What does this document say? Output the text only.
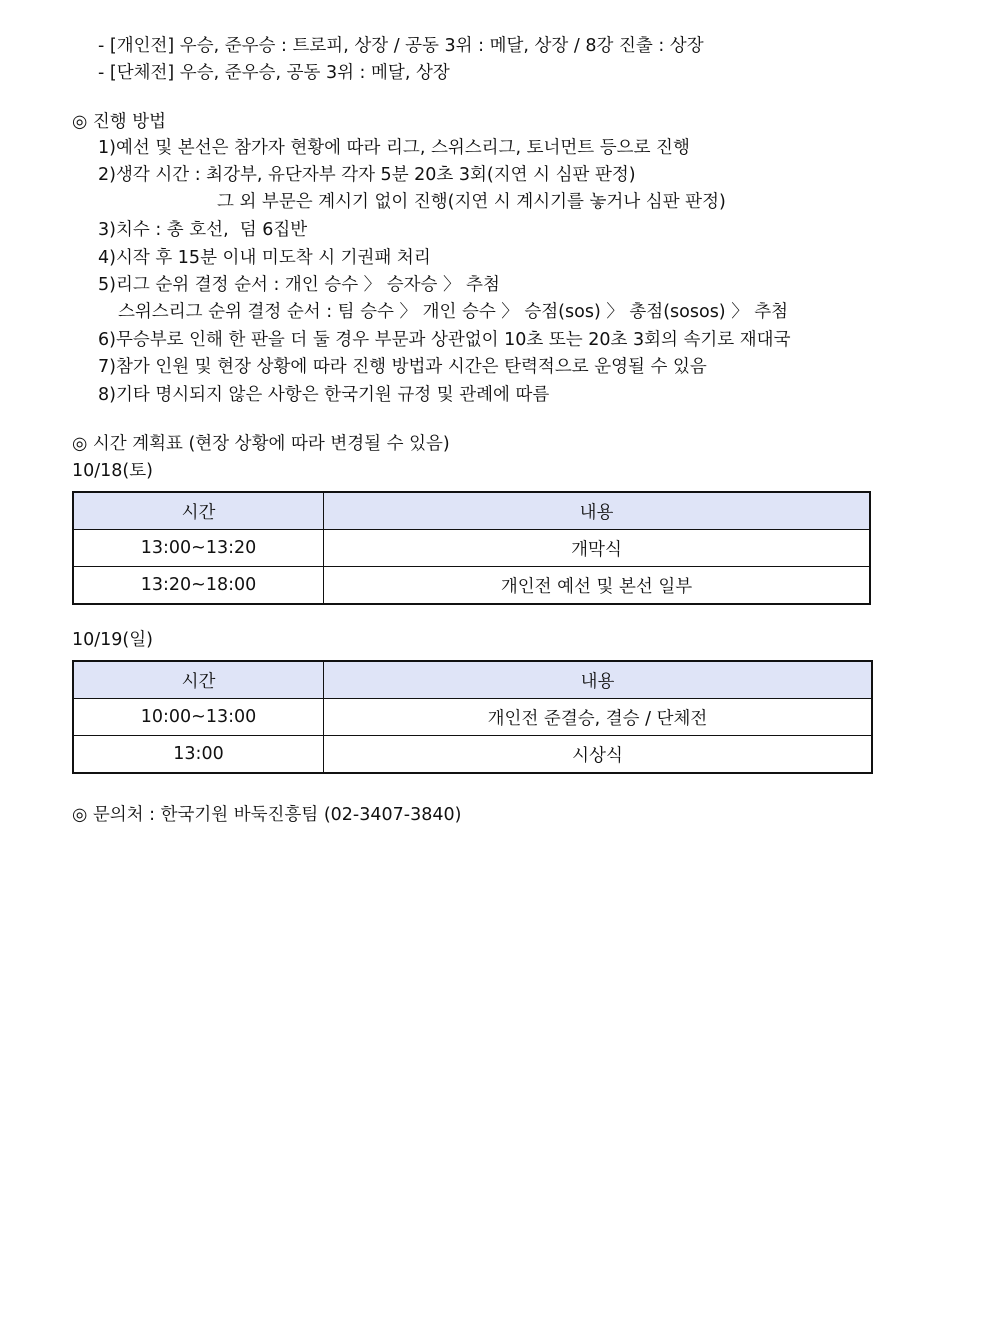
- [개인전] 우승, 준우승 : 트로피, 상장 / 공동 3위 : 메달, 상장 / 8강 진출 : 상장
- [단체전] 우승, 준우승, 공동 3위 : 메달, 상장
◎ 진행 방법
1)예선 및 본선은 참가자 현황에 따라 리그, 스위스리그, 토너먼트 등으로 진행
2)생각 시간 : 최강부, 유단자부 각자 5분 20초 3회(지연 시 심판 판정)
그 외 부문은 계시기 없이 진행(지연 시 계시기를 놓거나 심판 판정)
3)치수 : 총 호선,  덤 6집반
4)시작 후 15분 이내 미도착 시 기권패 처리
5)리그 순위 결정 순서 : 개인 승수 〉 승자승 〉 추첨
스위스리그 순위 결정 순서 : 팀 승수 〉 개인 승수 〉 승점(sos) 〉 총점(sosos) 〉 추첨
6)무승부로 인해 한 판을 더 둘 경우 부문과 상관없이 10초 또는 20초 3회의 속기로 재대국
7)참가 인원 및 현장 상황에 따라 진행 방법과 시간은 탄력적으로 운영될 수 있음
8)기타 명시되지 않은 사항은 한국기원 규정 및 관례에 따름
◎ 시간 계획표 (현장 상황에 따라 변경될 수 있음)
10/18(토)
시간	내용
13:00~13:20	개막식
13:20~18:00	개인전 예선 및 본선 일부
10/19(일)
시간	내용
10:00~13:00	개인전 준결승, 결승 / 단체전
13:00	시상식
◎ 문의처 : 한국기원 바둑진흥팀 (02-3407-3840)
